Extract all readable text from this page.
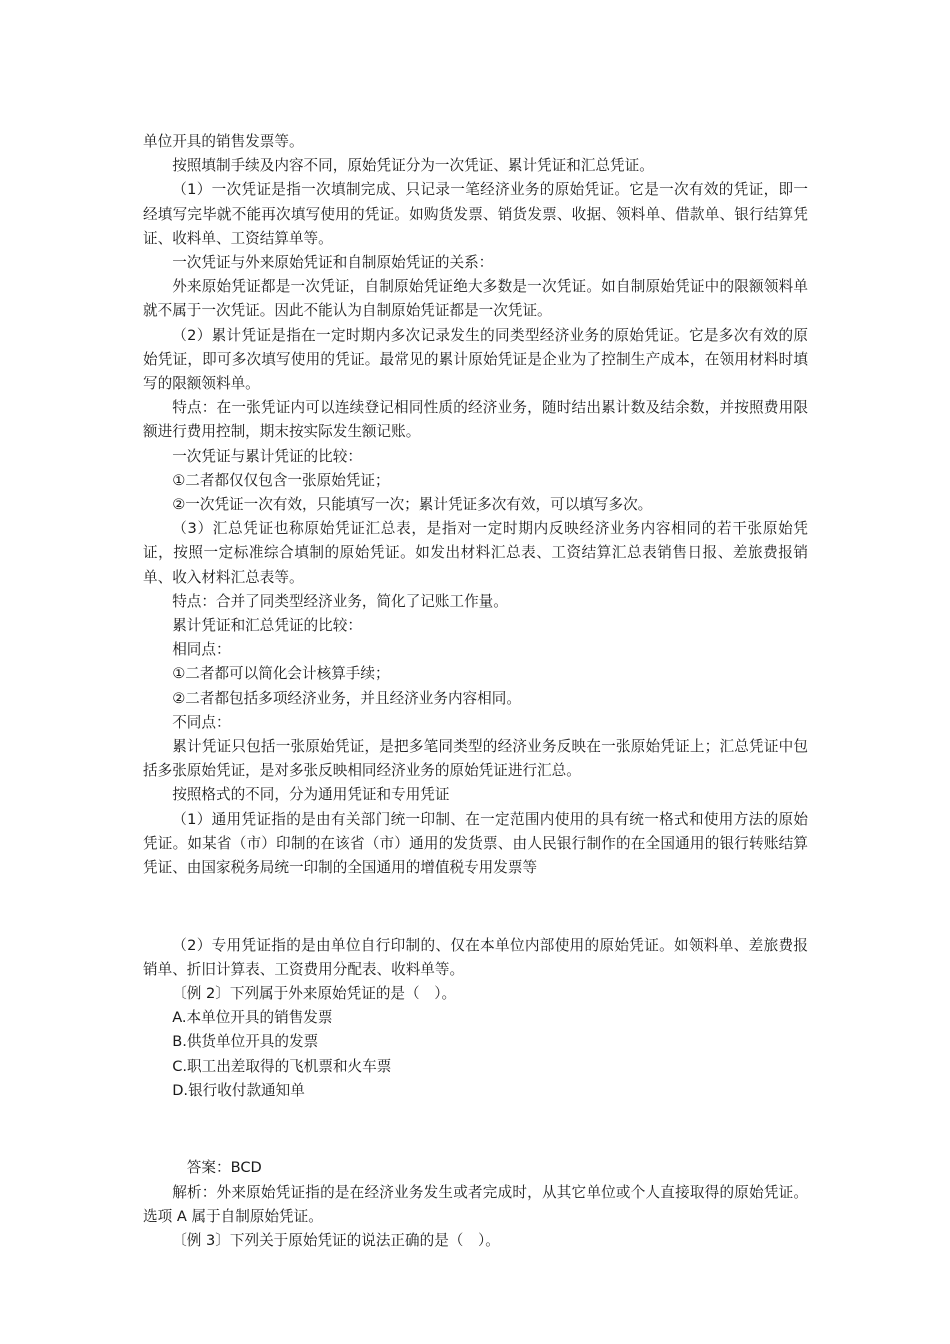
单位开具的销售发票等。

按照填制手续及内容不同，原始凭证分为一次凭证、累计凭证和汇总凭证。

（1）一次凭证是指一次填制完成、只记录一笔经济业务的原始凭证。它是一次有效的凭证，即一经填写完毕就不能再次填写使用的凭证。如购货发票、销货发票、收据、领料单、借款单、银行结算凭证、收料单、工资结算单等。

一次凭证与外来原始凭证和自制原始凭证的关系：

外来原始凭证都是一次凭证，自制原始凭证绝大多数是一次凭证。如自制原始凭证中的限额领料单就不属于一次凭证。因此不能认为自制原始凭证都是一次凭证。

（2）累计凭证是指在一定时期内多次记录发生的同类型经济业务的原始凭证。它是多次有效的原始凭证，即可多次填写使用的凭证。最常见的累计原始凭证是企业为了控制生产成本，在领用材料时填写的限额领料单。

特点：在一张凭证内可以连续登记相同性质的经济业务，随时结出累计数及结余数，并按照费用限额进行费用控制，期末按实际发生额记账。

一次凭证与累计凭证的比较：

①二者都仅仅包含一张原始凭证；

②一次凭证一次有效，只能填写一次；累计凭证多次有效，可以填写多次。

（3）汇总凭证也称原始凭证汇总表，是指对一定时期内反映经济业务内容相同的若干张原始凭证，按照一定标准综合填制的原始凭证。如发出材料汇总表、工资结算汇总表销售日报、差旅费报销单、收入材料汇总表等。

特点：合并了同类型经济业务，简化了记账工作量。

累计凭证和汇总凭证的比较：

相同点：

①二者都可以简化会计核算手续；

②二者都包括多项经济业务，并且经济业务内容相同。

不同点：

累计凭证只包括一张原始凭证，是把多笔同类型的经济业务反映在一张原始凭证上；汇总凭证中包括多张原始凭证，是对多张反映相同经济业务的原始凭证进行汇总。

按照格式的不同，分为通用凭证和专用凭证

（1）通用凭证指的是由有关部门统一印制、在一定范围内使用的具有统一格式和使用方法的原始凭证。如某省（市）印制的在该省（市）通用的发货票、由人民银行制作的在全国通用的银行转账结算凭证、由国家税务局统一印制的全国通用的增值税专用发票等

（2）专用凭证指的是由单位自行印制的、仅在本单位内部使用的原始凭证。如领料单、差旅费报销单、折旧计算表、工资费用分配表、收料单等。

〔例 2〕下列属于外来原始凭证的是（　）。

A.本单位开具的销售发票

B.供货单位开具的发票

C.职工出差取得的飞机票和火车票

D.银行收付款通知单

答案：BCD

解析：外来原始凭证指的是在经济业务发生或者完成时，从其它单位或个人直接取得的原始凭证。选项 A 属于自制原始凭证。

〔例 3〕下列关于原始凭证的说法正确的是（　）。
